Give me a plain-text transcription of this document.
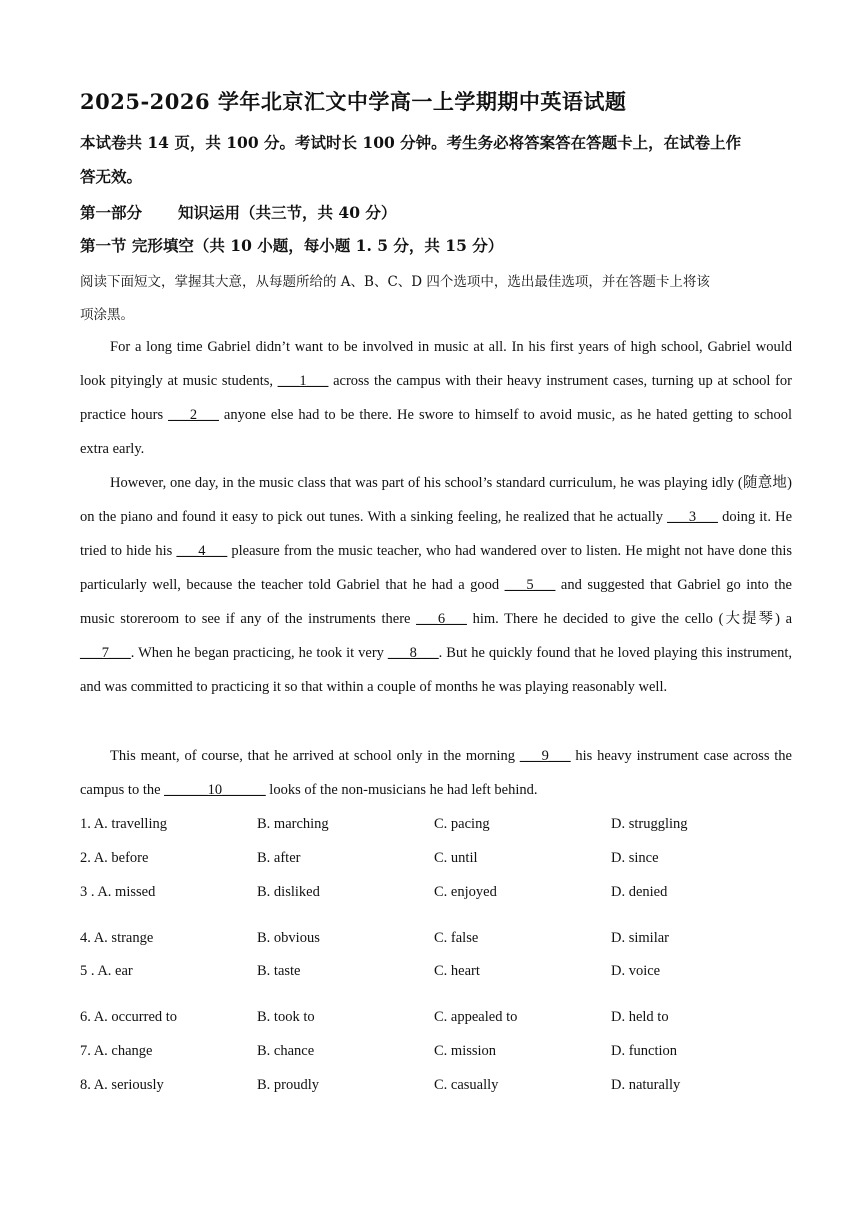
2025-2026 学年北京汇文中学高一上学期期中英语试题
本试卷共 14 页，共 100 分。考试时长 100 分钟。考生务必将答案答在答题卡上，在试卷上作
答无效。
第一部分 知识运用（共三节，共 40 分）
第一节 完形填空（共 10 小题，每小题 1. 5 分，共 15 分）
阅读下面短文，掌握其大意，从每题所给的 A、B、C、D 四个选项中，选出最佳选项，并在答题卡上将该
项涂黑。

For a long time Gabriel didn’t want to be involved in music at all. In his first years of high school, Gabriel would look pityingly at music students, ___1___ across the campus with their heavy instrument cases, turning up at school for practice hours ___2___ anyone else had to be there. He swore to himself to avoid music, as he hated getting to school extra early.

However, one day, in the music class that was part of his school’s standard curriculum, he was playing idly (随意地) on the piano and found it easy to pick out tunes. With a sinking feeling, he realized that he actually ___3___ doing it. He tried to hide his ___4___ pleasure from the music teacher, who had wandered over to listen. He might not have done this particularly well, because the teacher told Gabriel that he had a good ___5___ and suggested that Gabriel go into the music storeroom to see if any of the instruments there ___6___ him. There he decided to give the cello (大提琴) a ___7___. When he began practicing, he took it very ___8___. But he quickly found that he loved playing this instrument, and was committed to practicing it so that within a couple of months he was playing reasonably well.

This meant, of course, that he arrived at school only in the morning ___9___ his heavy instrument case across the campus to the ______10______ looks of the non-musicians he had left behind.

1. A. travelling	B. marching	C. pacing	D. struggling
2. A. before	B. after	C. until	D. since
3 . A. missed	B. disliked	C. enjoyed	D. denied
4. A. strange	B. obvious	C. false	D. similar
5 . A. ear	B. taste	C. heart	D. voice
6. A. occurred to	B. took to	C. appealed to	D. held to
7. A. change	B. chance	C. mission	D. function
8. A. seriously	B. proudly	C. casually	D. naturally
